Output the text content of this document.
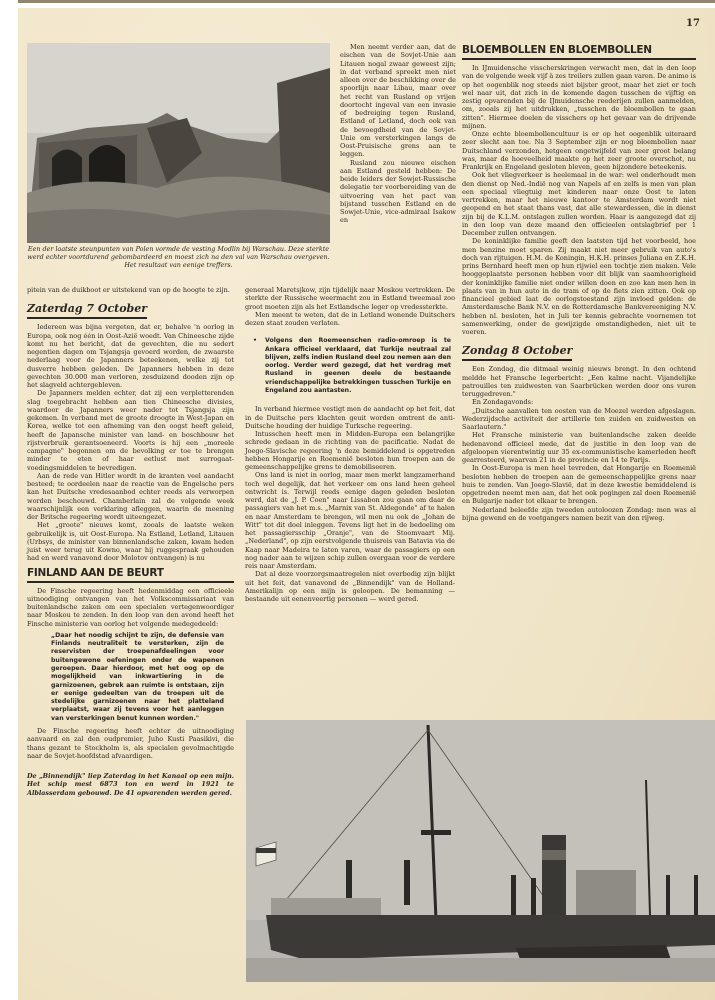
17
Een der laatste steunpunten van Polen vormde de vesting Modlin bij Warschau. Deze sterkte werd echter voortdurend gebombardeerd en moest zich na den val van Warschau overgeven. Het resultaat van eenige treffers.

Men neemt verder aan, dat de eischen van de Sovjet-Unie aan Litauen nogal zwaar geweest zijn; in dat verband spreekt men niet alleen over de beschikking over de spoorlijn naar Libau, maar over het recht van Rusland op vrijen doortocht ingeval van een invasie of bedreiging tegen Rusland, Estland of Letland, doch ook van de bevoegdheid van de Sovjet-Unie om versterkingen langs de Oost-Pruisische grens aan te leggen.

Rusland zou nieuwe eischen aan Estland gesteld hebben: De beide leiders der Sowjet-Russische delegatie ter voorbereiding van de uitvoering van het pact van bijstand tusschen Estland en de Sowjet-Unie, vice-admiraal Isakow en

pitein van de duikboot er uitstekend van op de hoogte te zijn.

Zaterdag 7 October

Iedereen was bijna vergeten, dat er, behalve 'n oorlog in Europa, ook nog één in Oost-Azië woedt. Van Chineesche zijde komt nu het bericht, dat de gevechten, die nu sedert negentien dagen om Tsjangsja gevoerd worden, de zwaarste nederlaag voor de Japanners beteekenen, welke zij tot dusverre hebben geleden. De Japanners hebben in deze gevechten 30.000 man verloren, zesduizend dooden zijn op het slagveld achtergebleven.

De Japanners melden echter, dat zij een verpletterenden slag toegebracht hebben aan tien Chineesche divisies, waardoor de Japanners weer nader tot Tsjangsja zijn gekomen. In verband met de groote droogte in West-Japan en Korea, welke tot een afneming van den oogst heeft geleid, heeft de Japansche minister van land- en boschbouw het rijstverbruik gerantsoeneerd. Voorts is hij een „moreele campagne" begonnen om de bevolking er toe te brengen minder te eten of haar eetlust met surrogaat-voedingsmiddelen te bevredigen.

Aan de rede van Hitler wordt in de kranten veel aandacht besteed; te oordeelen naar de reactie van de Engelsche pers kan het Duitsche vredesaanbod echter reeds als verworpen worden beschouwd. Chamberlain zal de volgende week waarschijnlijk een verklaring afleggen, waarin de meening der Britsche regeering wordt uiteengezet.

Het „groote" nieuws komt, zooals de laatste weken gebruikelijk is, uit Oost-Europa. Na Estland, Letland, Litauen (Urbsys, de minister van binnenlandsche zaken, kwam heden juist weer terug uit Kowno, waar hij ruggespraak gehouden had en werd vanavond door Molotov ontvangen) is nu

FINLAND AAN DE BEURT

De Finsche regeering heeft hedenmiddag een officieele uitnoodiging ontvangen van het Volkscommissariaat van buitenlandsche zaken om een specialen vertegenwoordiger naar Moskou te zenden. In den loop van den avond heeft het Finsche ministerie van oorlog het volgende medegedeeld:

„Daar het noodig schijnt te zijn, de defensie van Finlands neutraliteit te versterken, zijn de reservisten der troepenafdeelingen voor buitengewone oefeningen onder de wapenen geroepen. Daar hierdoor, met het oog op de mogelijkheid van inkwartiering in de garnizoenen, gebrek aan ruimte is ontstaan, zijn er eenige gedeelten van de troepen uit de stedelijke garnizoenen naar het platteland verplaatst, waar zij tevens voor het aanleggen van versterkingen benut kunnen worden."

De Finsche regeering heeft echter de uitnoodiging aanvaard en zal den oudpremier, Juho Kusti Paasikivi, die thans gezant te Stockholm is, als specialen gevolmachtigde naar de Sovjet-hoofdstad afvaardigen.

De „Binnendijk" liep Zaterdag in het Kanaal op een mijn. Het schip mest 6873 ton en werd in 1921 te Alblasserdam gebouwd. De 41 opvarenden werden gered.

generaal Maretsjkow, zijn tijdelijk naar Moskou vertrokken. De sterkte der Russische weermacht zou in Estland tweemaal zoo groot moeten zijn als het Estlandsche leger op vredessterkte.

Men meent te weten, dat de in Letland wonende Duitschers dezen staat zouden verlaten.

• Volgens den Roemeenschen radio-omroep is te Ankara officieel verklaard, dat Turkije neutraal zal blijven, zelfs indien Rusland deel zou nemen aan den oorlog. Verder werd gezegd, dat het verdrag met Rusland in geenen deele de bestaande vriendschappelijke betrekkingen tusschen Turkije en Engeland zou aantasten.

In verband hiermee vestigt men de aandacht op het feit, dat in de Duitsche pers klachten geuit worden omtrent de anti-Duitsche houding der huidige Turksche regeering.

Intusschen heeft men in Midden-Europa een belangrijke schrede gedaan in de richting van de pacificatie. Nadat de Joego-Slavische regeering 'n deze bemiddelend is opgetreden hebben Hongarije en Roemenië besloten hun troepen aan de gemeenschappelijke grens te demobiliseeren.

Ons land is niet in oorlog, maar men merkt langzamerhand toch wel degelijk, dat het verkeer om ons land heen geheel ontwricht is. Terwijl reeds eenige dagen geleden besloten werd, dat de „J. P. Coen" naar Lissabon zou gaan om daar de passagiers van het m.s. „Marnix van St. Aldegonde" af te halen en naar Amsterdam te brengen, wil men nu ook de „Johan de Witt" tot dit doel inleggen. Tevens ligt het in de bedoeling om het passagiersschip „Oranje", van de Stoomvaart Mij. „Nederland", op zijn eerstvolgende thuisreis van Batavia via de Kaap naar Madeira te laten varen, waar de passagiers op een nog nader aan te wijzen schip zullen overgaan voor de verdere reis naar Amsterdam.

Dat al deze voorzorgsmaatregelen niet overbodig zijn blijkt uit het feit, dat vanavond de „Binnendijk" van de Holland-Amerikalijn op een mijn is geloopen. De bemanning — bestaande uit eenenveertig personen — werd gered.

BLOEMBOLLEN EN BLOEMBOLLEN

In IJmuidensche visscherskringen verwacht men, dat in den loop van de volgende week vijf à zes treilers zullen gaan varen. De animo is op het oogenblik nog steeds niet bijster groot, maar het ziet er toch wel naar uit, dat zich in de komende dagen tusschen de vijftig en zestig opvarenden bij de IJmuidensche reederijen zullen aanmelden, om, zooals zij het uitdrukken, „tusschen de bloembollen te gaan zitten". Hiermee doelen de visschers op het gevaar van de drijvende mijnen.

Onze echte bloembollencultuur is er op het oogenblik uiteraard zeer slecht aan toe. Na 3 September zijn er nog bloembollen naar Duitschland verzonden, hetgeen ongetwijfeld van zeer groot belang was, maar de hoeveelheid maakte op het zeer groote overschot, nu Frankrijk en Engeland gesloten bleven, geen bijzondere beteekenis.

Ook het vliegverkeer is heelemaal in de war: wel onderhoudt men den dienst op Ned.-Indië nog van Napels af en zelfs is men van plan een speciaal vliegtuig met kinderen naar onze Oost te laten vertrekken, maar het nieuwe kantoor te Amsterdam wordt niet geopend en het staat thans vast, dat alle stewardessen, die in dienst zijn bij de K.L.M. ontslagen zullen worden. Haar is aangezegd dat zij in den loop van deze maand den officieelen ontslagbrief per 1 December zullen ontvangen.

De koninklijke familie geeft den laatsten tijd het voorbeeld, hoe men benzine moet sparen. Zij maakt niet meer gebruik van auto's doch van rijtuigen. H.M. de Koningin, H.K.H. prinses Juliana en Z.K.H. prins Bernhard heeft men op hun rijwiel een tochtje zien maken. Vele hooggeplaatste personen hebben voor dit blijk van saamhoorigheid der koninklijke familie niet onder willen doen en zoo kan men hen in plaats van in hun auto in de tram of op de fiets zien zitten. Ook op financieel gebied laat de oorlogstoestand zijn invloed gelden: de Amsterdamsche Bank N.V. en de Rotterdamsche Bankvereeniging N.V. hebben nl. besloten, het in Juli ter kennis gebrachte voornemen tot samenwerking, onder de gewijzigde omstandigheden, niet uit te voeren.

Zondag 8 October

Een Zondag, die ditmaal weinig nieuws brengt. In den ochtend meldde het Fransche legerbericht: „Een kalme nacht. Vijandelijke patrouilles ten zuidwesten van Saarbrücken werden door ons vuren teruggedreven."

En Zondagavonds:

„Duitsche aanvallen ten oosten van de Moezel werden afgeslagen. Wederzijdsche activiteit der artillerie ten zuiden en zuidwesten en Saarlautern."

Het Fransche ministerie van buitenlandsche zaken deelde hedenavond officieel mede, dat de justitie in den loop van de afgeloopen vierentwintig uur 35 ex-communistische kamerleden heeft gearresteerd, waarvan 21 in de provincie en 14 te Parijs.

In Oost-Europa is men heel tevreden, dat Hongarije en Roemenië besloten hebben de troepen aan de gemeenschappelijke grens naar huis te zenden. Van Joego-Slavië, dat in deze kwestie bemiddelend is opgetreden neemt men aan, dat het ook pogingen zal doen Roemenië en Bulgarije nader tot elkaar te brengen.

Nederland beleefde zijn tweeden autoloozen Zondag: men was al bijna gewend en de voetgangers namen bezit van den rijweg.
